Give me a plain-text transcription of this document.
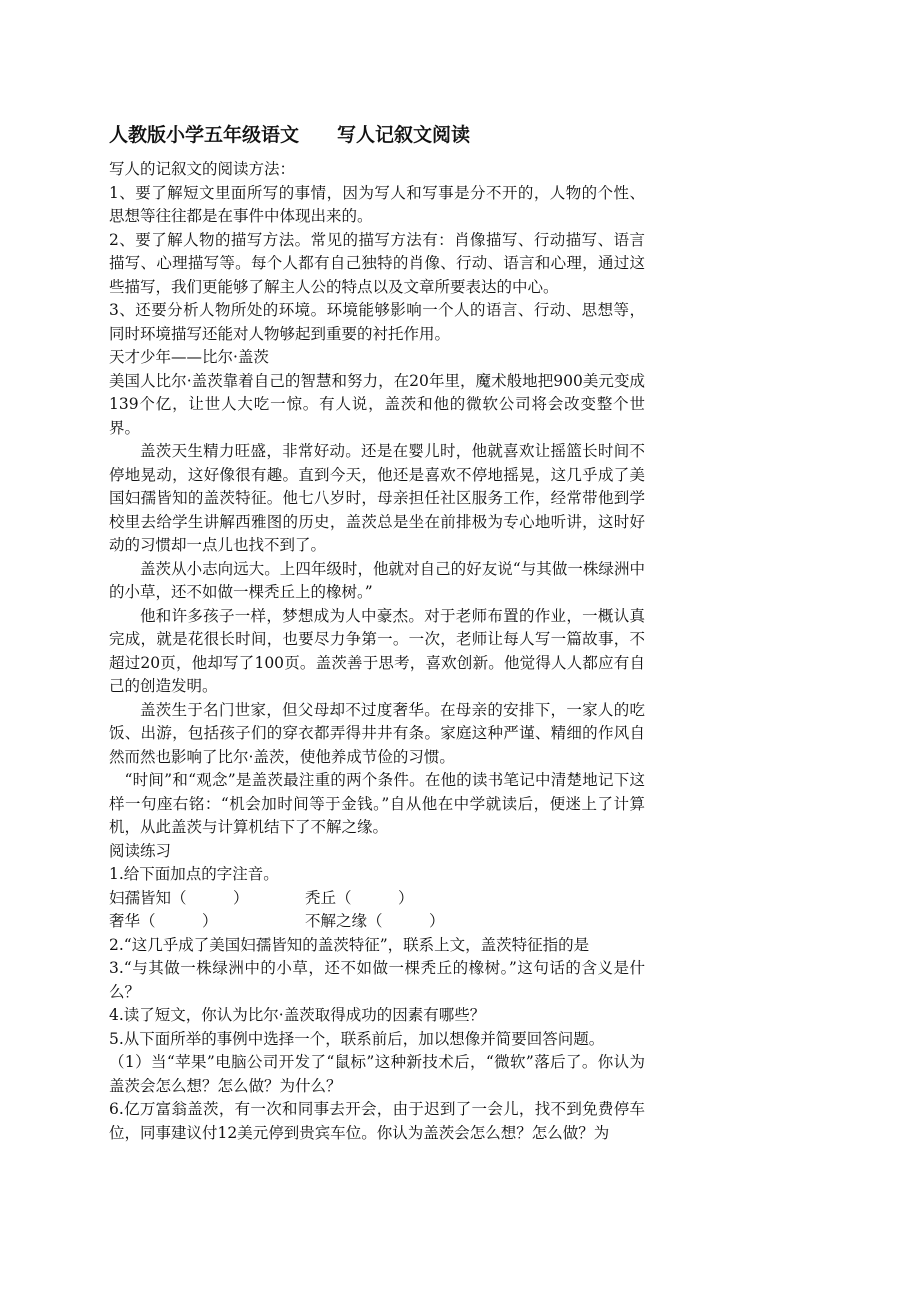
人教版小学五年级语文　　写人记叙文阅读

写人的记叙文的阅读方法：

1、要了解短文里面所写的事情，因为写人和写事是分不开的，人物的个性、思想等往往都是在事件中体现出来的。

2、要了解人物的描写方法。常见的描写方法有：肖像描写、行动描写、语言描写、心理描写等。每个人都有自己独特的肖像、行动、语言和心理，通过这些描写，我们更能够了解主人公的特点以及文章所要表达的中心。

3、还要分析人物所处的环境。环境能够影响一个人的语言、行动、思想等，同时环境描写还能对人物够起到重要的衬托作用。

天才少年——比尔·盖茨

美国人比尔·盖茨靠着自己的智慧和努力，在20年里，魔术般地把900美元变成139个亿，让世人大吃一惊。有人说，盖茨和他的微软公司将会改变整个世界。

盖茨天生精力旺盛，非常好动。还是在婴儿时，他就喜欢让摇篮长时间不停地晃动，这好像很有趣。直到今天，他还是喜欢不停地摇晃，这几乎成了美国妇孺皆知的盖茨特征。他七八岁时，母亲担任社区服务工作，经常带他到学校里去给学生讲解西雅图的历史，盖茨总是坐在前排极为专心地听讲，这时好动的习惯却一点儿也找不到了。

盖茨从小志向远大。上四年级时，他就对自己的好友说“与其做一株绿洲中的小草，还不如做一棵秃丘上的橡树。”

他和许多孩子一样，梦想成为人中豪杰。对于老师布置的作业，一概认真完成，就是花很长时间，也要尽力争第一。一次，老师让每人写一篇故事，不超过20页，他却写了100页。盖茨善于思考，喜欢创新。他觉得人人都应有自己的创造发明。

盖茨生于名门世家，但父母却不过度奢华。在母亲的安排下，一家人的吃饭、出游，包括孩子们的穿衣都弄得井井有条。家庭这种严谨、精细的作风自然而然也影响了比尔·盖茨，使他养成节俭的习惯。

“时间”和“观念”是盖茨最注重的两个条件。在他的读书笔记中清楚地记下这样一句座右铭：“机会加时间等于金钱。”自从他在中学就读后，便迷上了计算机，从此盖茨与计算机结下了不解之缘。

阅读练习

1.给下面加点的字注音。

妇孺皆知（　　　）	秃丘（　　　）
奢华（　　　）	不解之缘（　　　）

2.“这几乎成了美国妇孺皆知的盖茨特征”，联系上文，盖茨特征指的是

3.“与其做一株绿洲中的小草，还不如做一棵秃丘的橡树。”这句话的含义是什么？

4.读了短文，你认为比尔·盖茨取得成功的因素有哪些？

5.从下面所举的事例中选择一个，联系前后，加以想像并简要回答问题。

（1）当“苹果”电脑公司开发了“鼠标”这种新技术后，“微软”落后了。你认为盖茨会怎么想？怎么做？为什么？

6.亿万富翁盖茨，有一次和同事去开会，由于迟到了一会儿，找不到免费停车位，同事建议付12美元停到贵宾车位。你认为盖茨会怎么想？怎么做？为
